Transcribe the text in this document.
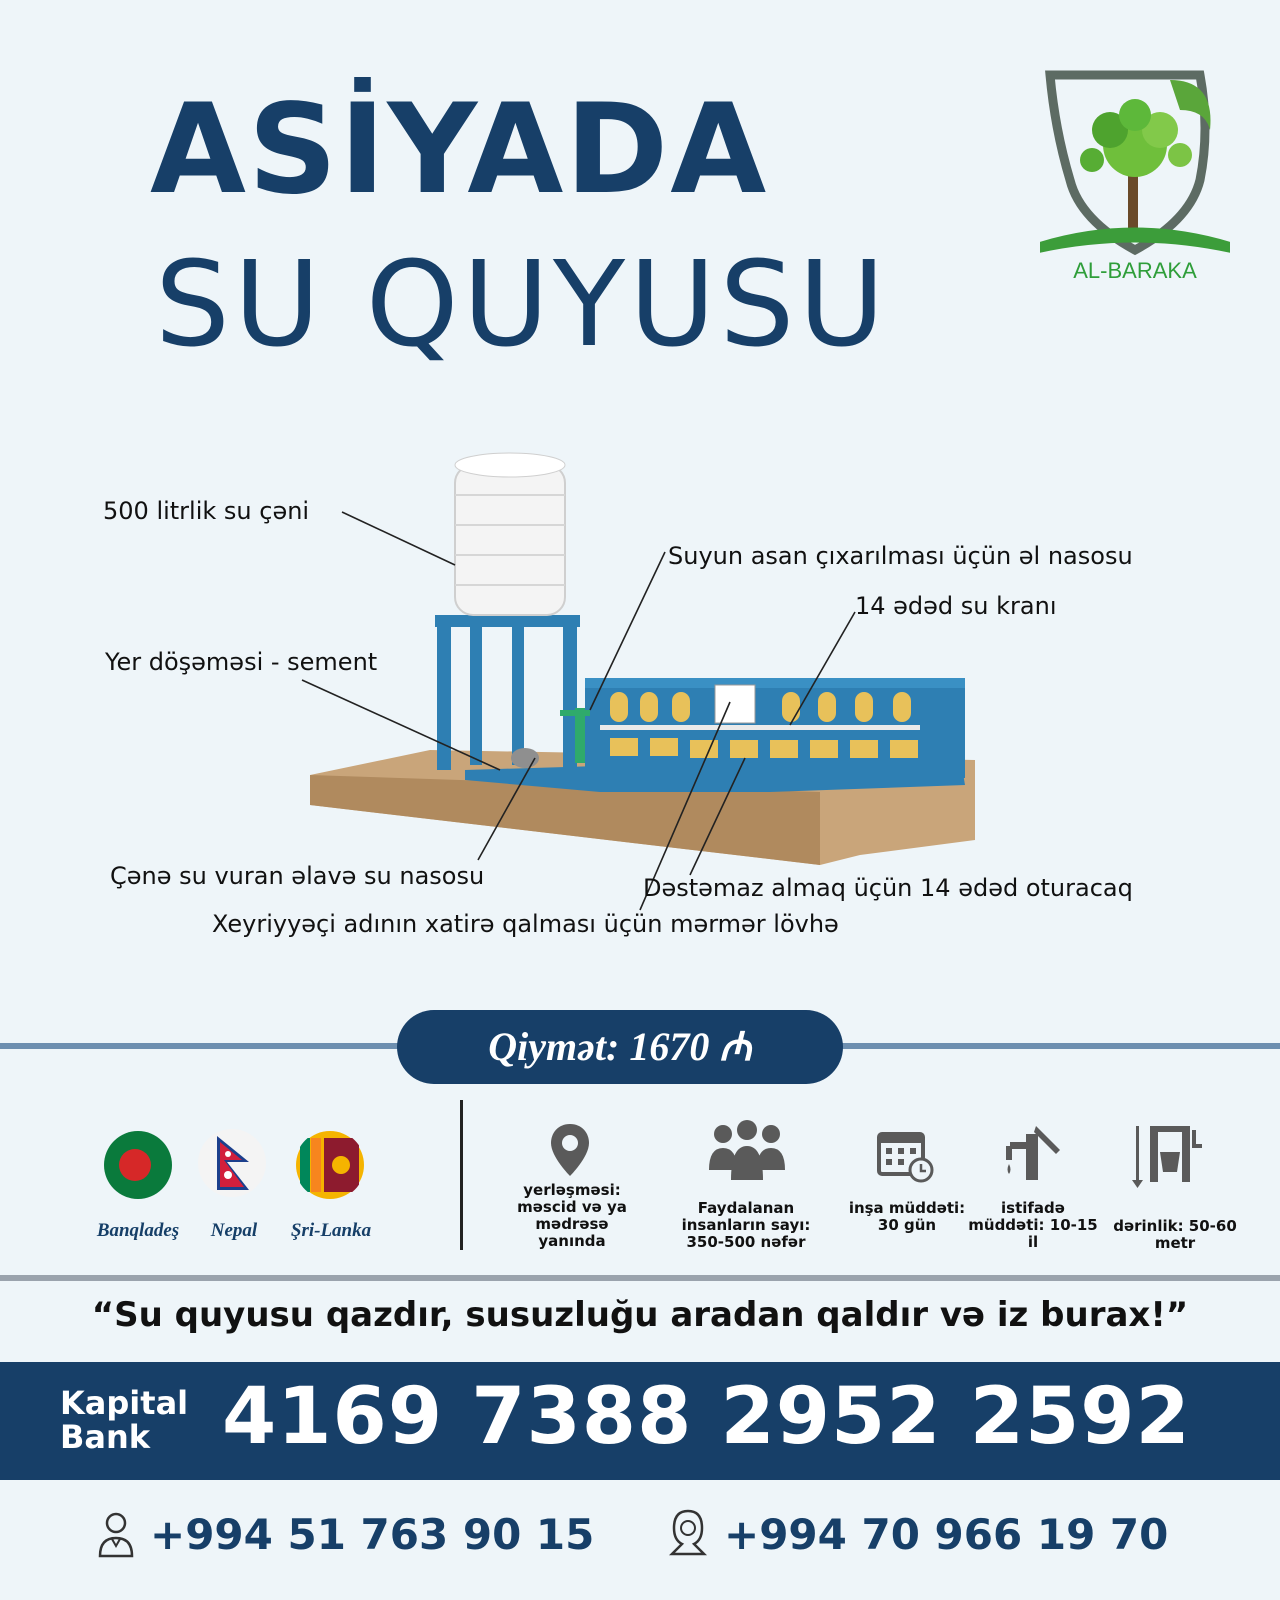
ASİYADA
SU QUYUSU	AL-BARAKA
500 litrlik su çəni
Suyun asan çıxarılması üçün əl nasosu
14 ədəd su kranı
Yer döşəməsi - sement
Çənə su vuran əlavə su nasosu	Dəstəmaz almaq üçün 14 ədəd oturacaq
Xeyriyyəçi adının xatirə qalması üçün mərmər lövhə
Qiymət: 1670 ₼
Banqladeş	Nepal	Şri-Lanka
yerləşməsi: məscid və ya mədrəsə yanında
Faydalanan insanların sayı: 350-500 nəfər
inşa müddəti: 30 gün
istifadə müddəti: 10-15 il
dərinlik: 50-60 metr
“Su quyusu qazdır, susuzluğu aradan qaldır və iz burax!”
Kapital
Bank 4169 7388 2952 2592
+994 51 763 90 15	+994 70 966 19 70
